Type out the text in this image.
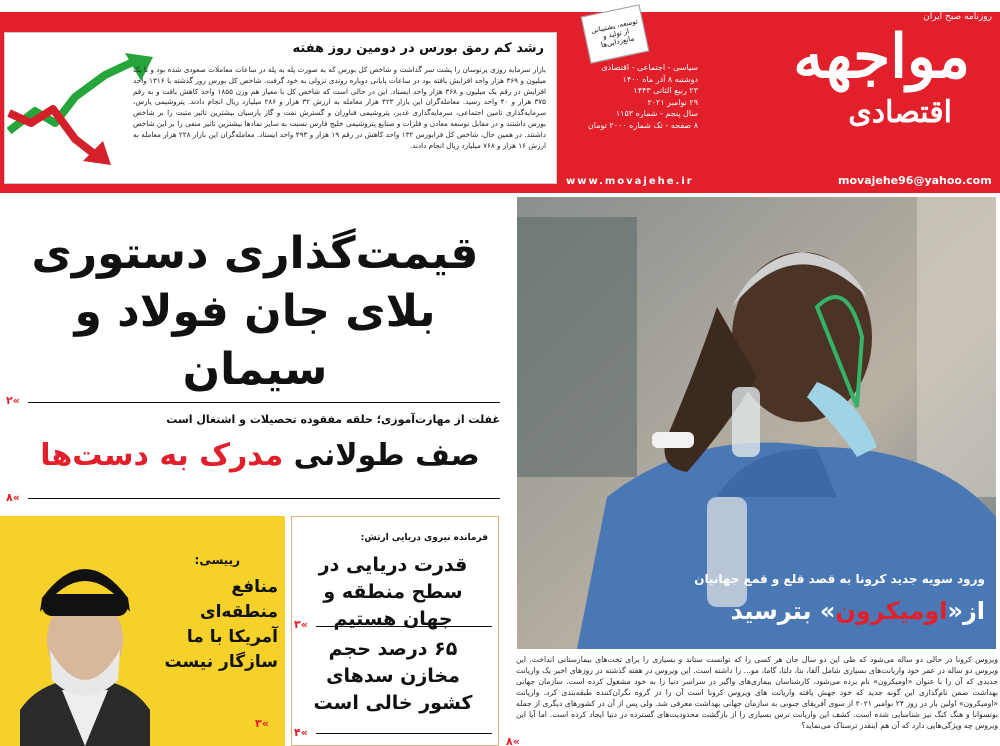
رشد کم رمق بورس در دومین روز هفته
بازار سرمایه روزی پرنوسان را پشت سر گذاشت و شاخص کل بورس که به صورت پله به پله در ساعات معاملات صعودی شده بود و تا یک میلیون و ۳۶۹ هزار واحد افزایش یافته بود در ساعات پایانی دوباره روندی نزولی به خود گرفت. شاخص کل بورس روز گذشته با ۱۳۱۶ واحد افزایش در رقم یک میلیون و ۳۶۸ هزار واحد ایستاد. این در حالی است که شاخص کل با معیار هم وزن ۱۸۵۵ واحد کاهش یافت و به رقم ۳۷۵ هزار و ۴۰ واحد رسید. معامله‌گران این بازار ۴۲۳ هزار معامله به ارزش ۳۲ هزار و ۲۸۶ میلیارد ریال انجام دادند. پتروشیمی پارس، سرمایه‌گذاری تامین اجتماعی، سرمایه‌گذاری غدیر، پتروشیمی فناوران و گسترش نفت و گاز پارسیان بیشترین تاثیر مثبت را بر شاخص بورس داشتند و در مقابل توسعه معادن و فلزات و صنایع پتروشیمی خلیج فارس نسبت به سایر نمادها بیشترین تاثیر منفی را بر این شاخص داشتند. در همین حال، شاخص کل فرابورس ۱۳۲ واحد کاهش در رقم ۱۹ هزار و ۴۹۳ واحد ایستاد. معامله‌گران این بازار ۲۲۸ هزار معامله به ارزش ۱۶ هزار و ۷۶۸ میلیارد ریال انجام دادند.
روزنامه صبح ایران
مواجهه
اقتصادی
توسعه، پشتیبانی از تولید و مانع‌زدایی‌ها
سیاسی - اجتماعی - اقتصادی
دوشنبه ۸ آذر ماه ۱۴۰۰
۲۳ ربیع الثانی ۱۴۴۳
۲۹ نوامبر ۲۰۲۱
سال پنجم - شماره ۱۱۵۳
۸ صفحه - تک شماره ۲۰۰۰ تومان
www.movajehe.ir	movajehe96@yahoo.com
قیمت‌گذاری دستوری
بلای جان فولاد و سیمان
۲«
غفلت از مهارت‌آموزی؛ حلقه مفقوده تحصیلات و اشتغال است
صف طولانی مدرک به دست‌ها
۸«
رییسی:
منافع منطقه‌ای آمریکا با ما سازگار نیست
۳«
فرمانده نیروی دریایی ارتش:
قدرت دریایی در سطح منطقه و جهان هستیم
۳«
۶۵ درصد حجم مخازن سدهای کشور خالی است
۴«
ورود سویه جدید کرونا به قصد قلع و قمع جهانیان
از«اومیکرون» بترسید
ویروس کرونا در حالی دو ساله می‌شود که طی این دو سال جان هر کسی را که توانست ستاند و بسیاری را برای تخت‌های بیمارستانی انداخت. این ویروس دو ساله در عمر خود واریانت‌های بسیاری شامل آلفا، بتا، دلتا، گاما، مو... را داشته است. این ویروس در هفته گذشته در روزهای اخیر یک واریانت جدیدی که آن را با عنوان «اومیکرون» نام برده می‌شود، کارشناسان بیماری‌های واگیر در سراسر دنیا را به خود مشغول کرده است. سازمان جهانی بهداشت ضمن نام‌گذاری این گونه جدید که خود جهش یافته واریانت های ویروس کرونا است آن را در گروه نگران‌کننده طبقه‌بندی کرد. واریانت «اومیکرون» اولین بار در روز ۲۴ نوامبر ۲۰۲۱ از سوی آفریقای جنوبی به سازمان جهانی بهداشت معرفی شد. ولی پس از آن در کشورهای دیگری از جمله بوتسوانا و هنگ کنگ نیز شناسایی شده است. کشف این واریانت ترس بسیاری را از بازگشت محدودیت‌های گسترده در دنیا ایجاد کرده است. اما آیا این ویروس چه ویژگی‌هایی دارد که آن هم اینقدر ترسناک می‌نماید؟
۸«
